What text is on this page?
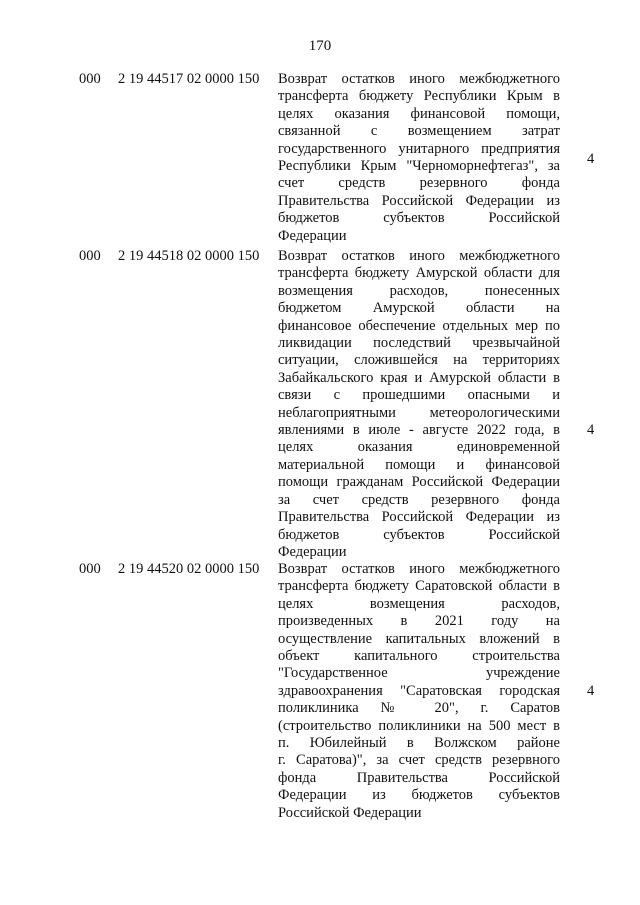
170
000 2 19 44517 02 0000 150 Возврат остатков иного межбюджетного
трансферта бюджету Республики Крым в
целях оказания финансовой помощи,
связанной с возмещением затрат
государственного унитарного предприятия
Республики Крым "Черноморнефтегаз", за
счет средств резервного фонда
Правительства Российской Федерации из
бюджетов субъектов Российской
Федерации
4
000 2 19 44518 02 0000 150 Возврат остатков иного межбюджетного
трансферта бюджету Амурской области для
возмещения расходов, понесенных
бюджетом Амурской области на
финансовое обеспечение отдельных мер по
ликвидации последствий чрезвычайной
ситуации, сложившейся на территориях
Забайкальского края и Амурской области в
связи с прошедшими опасными и
неблагоприятными метеорологическими
явлениями в июле - августе 2022 года, в
целях оказания единовременной
материальной помощи и финансовой
помощи гражданам Российской Федерации
за счет средств резервного фонда
Правительства Российской Федерации из
бюджетов субъектов Российской
Федерации
4
000 2 19 44520 02 0000 150 Возврат остатков иного межбюджетного
трансферта бюджету Саратовской области в
целях возмещения расходов,
произведенных в 2021 году на
осуществление капитальных вложений в
объект капитального строительства
"Государственное учреждение
здравоохранения "Саратовская городская
поликлиника № 20", г. Саратов
(строительство поликлиники на 500 мест в
п. Юбилейный в Волжском районе
г. Саратова)", за счет средств резервного
фонда Правительства Российской
Федерации из бюджетов субъектов
Российской Федерации
4
